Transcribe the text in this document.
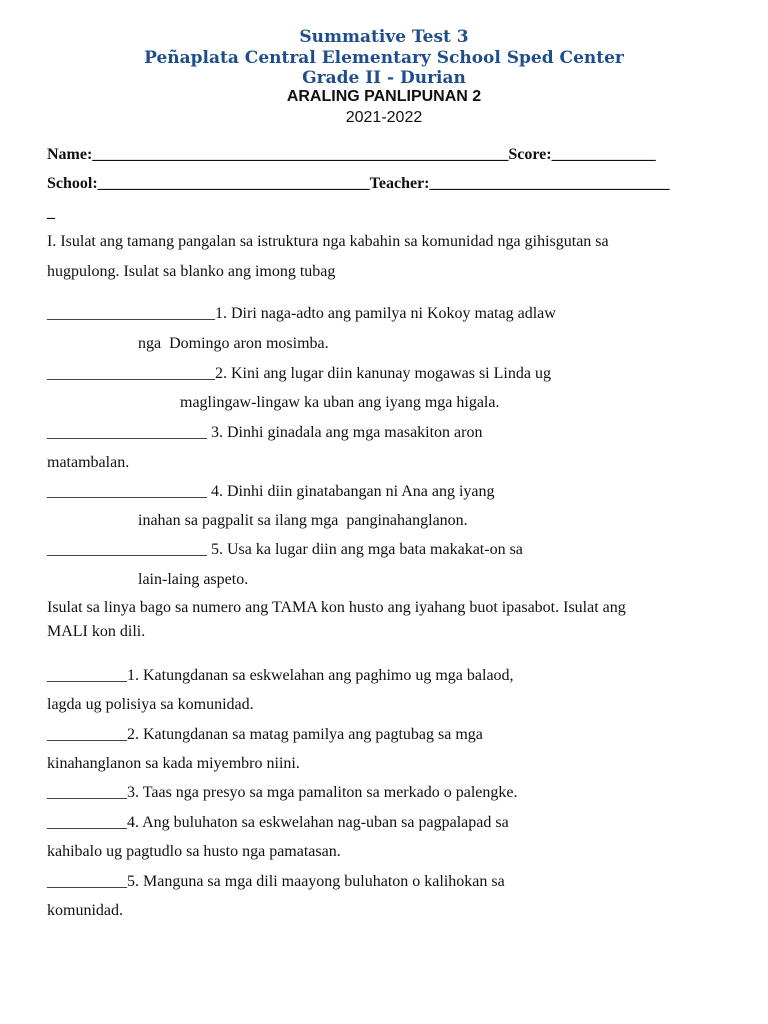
Summative Test 3
Peñaplata Central Elementary School Sped Center
Grade II - Durian
ARALING PANLIPUNAN 2
2021-2022
Name:____________________________________________________Score:_____________
School:__________________________________Teacher:______________________________
_
I. Isulat ang tamang pangalan sa istruktura nga kabahin sa komunidad nga gihisgutan sa
hugpulong. Isulat sa blanko ang imong tubag
_____________________1. Diri naga-adto ang pamilya ni Kokoy matag adlaw
nga  Domingo aron mosimba.
_____________________2. Kini ang lugar diin kanunay mogawas si Linda ug
maglingaw-lingaw ka uban ang iyang mga higala.
____________________ 3. Dinhi ginadala ang mga masakiton aron
matambalan.
____________________ 4. Dinhi diin ginatabangan ni Ana ang iyang
inahan sa pagpalit sa ilang mga  panginahanglanon.
____________________ 5. Usa ka lugar diin ang mga bata makakat-on sa
lain-laing aspeto.
Isulat sa linya bago sa numero ang TAMA kon husto ang iyahang buot ipasabot. Isulat ang
MALI kon dili.
__________1. Katungdanan sa eskwelahan ang paghimo ug mga balaod,
lagda ug polisiya sa komunidad.
__________2. Katungdanan sa matag pamilya ang pagtubag sa mga
kinahanglanon sa kada miyembro niini.
__________3. Taas nga presyo sa mga pamaliton sa merkado o palengke.
__________4. Ang buluhaton sa eskwelahan nag-uban sa pagpalapad sa
kahibalo ug pagtudlo sa husto nga pamatasan.
__________5. Manguna sa mga dili maayong buluhaton o kalihokan sa
komunidad.
